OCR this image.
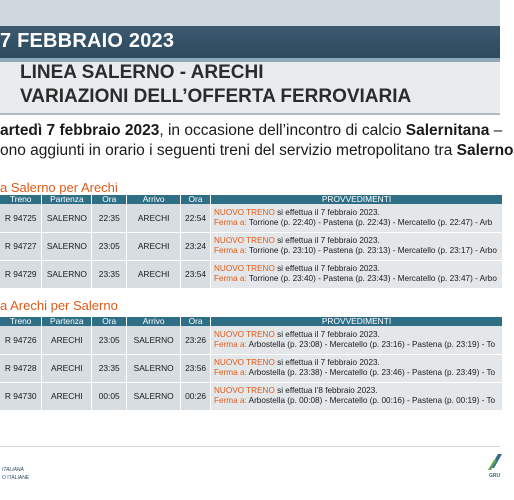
7 FEBBRAIO 2023
LINEA SALERNO - ARECHI
VARIAZIONI DELL’OFFERTA FERROVIARIA
artedì 7 febbraio 2023, in occasione dell’incontro di calcio Salernitana –
ono aggiunti in orario i seguenti treni del servizio metropolitano tra Salerno
a Salerno per Arechi
a Arechi per Salerno
Treno	Partenza	Ora	Arrivo	Ora	PROVVEDIMENTI
R 94725	SALERNO	22:35	ARECHI	22:54	NUOVO TRENO si effettua il 7 febbraio 2023.
Ferma a: Torrione (p. 22:40) - Pastena (p. 22:43) - Mercatello (p. 22:47) - Arb

R 94727	SALERNO	23:05	ARECHI	23:24	NUOVO TRENO si effettua il 7 febbraio 2023.
Ferma a: Torrione (p. 23:10) - Pastena (p. 23:13) - Mercatello (p. 23:17) - Arbo

R 94729	SALERNO	23:35	ARECHI	23:54	NUOVO TRENO si effettua il 7 febbraio 2023.
Ferma a: Torrione (p. 23:40) - Pastena (p. 23:43) - Mercatello (p. 23:47) - Arbo
Treno	Partenza	Ora	Arrivo	Ora	PROVVEDIMENTI
R 94726	ARECHI	23:05	SALERNO	23:26	NUOVO TRENO si effettua il 7 febbraio 2023.
Ferma a: Arbostella (p. 23:08) - Mercatello (p. 23:16) - Pastena (p. 23:19) - To

R 94728	ARECHI	23:35	SALERNO	23:56	NUOVO TRENO si effettua il 7 febbraio 2023.
Ferma a: Arbostella (p. 23:38) - Mercatello (p. 23:46) - Pastena (p. 23:49) - To

R 94730	ARECHI	00:05	SALERNO	00:26	NUOVO TRENO si effettua l’8 febbraio 2023.
Ferma a: Arbostella (p. 00:08) - Mercatello (p. 00:16) - Pastena (p. 00:19) - To
ITALIANA
O ITALIANE	GRU
